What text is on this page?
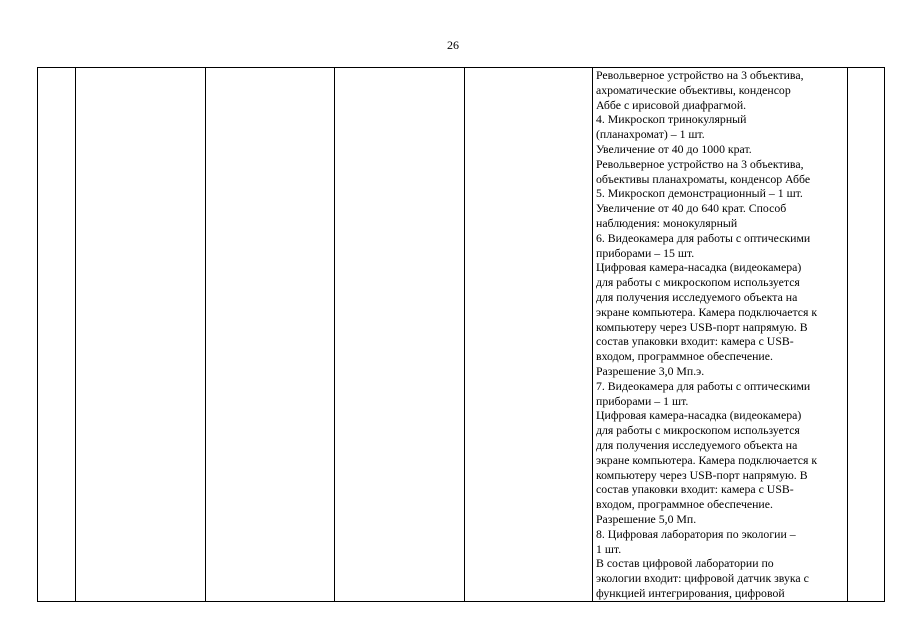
26

Револьверное устройство на 3 объектива,
ахроматические объективы, конденсор
Аббе с ирисовой диафрагмой.
4. Микроскоп тринокулярный
(планахромат) – 1 шт.
Увеличение от 40 до 1000 крат.
Револьверное устройство на 3 объектива,
объективы планахроматы, конденсор Аббе
5. Микроскоп демонстрационный – 1 шт.
Увеличение от 40 до 640 крат. Способ
наблюдения: монокулярный
6. Видеокамера для работы с оптическими
приборами – 15 шт.
Цифровая камера-насадка (видеокамера)
для работы с микроскопом используется
для получения исследуемого объекта на
экране компьютера. Камера подключается к
компьютеру через USB-порт напрямую. В
состав упаковки входит: камера с USB-
входом, программное обеспечение.
Разрешение 3,0 Мп.э.
7. Видеокамера для работы с оптическими
приборами – 1 шт.
Цифровая камера-насадка (видеокамера)
для работы с микроскопом используется
для получения исследуемого объекта на
экране компьютера. Камера подключается к
компьютеру через USB-порт напрямую. В
состав упаковки входит: камера с USB-
входом, программное обеспечение.
Разрешение 5,0 Мп.
8. Цифровая лаборатория по экологии –
1 шт.
В состав цифровой лаборатории по
экологии входит: цифровой датчик звука с
функцией интегрирования, цифровой
